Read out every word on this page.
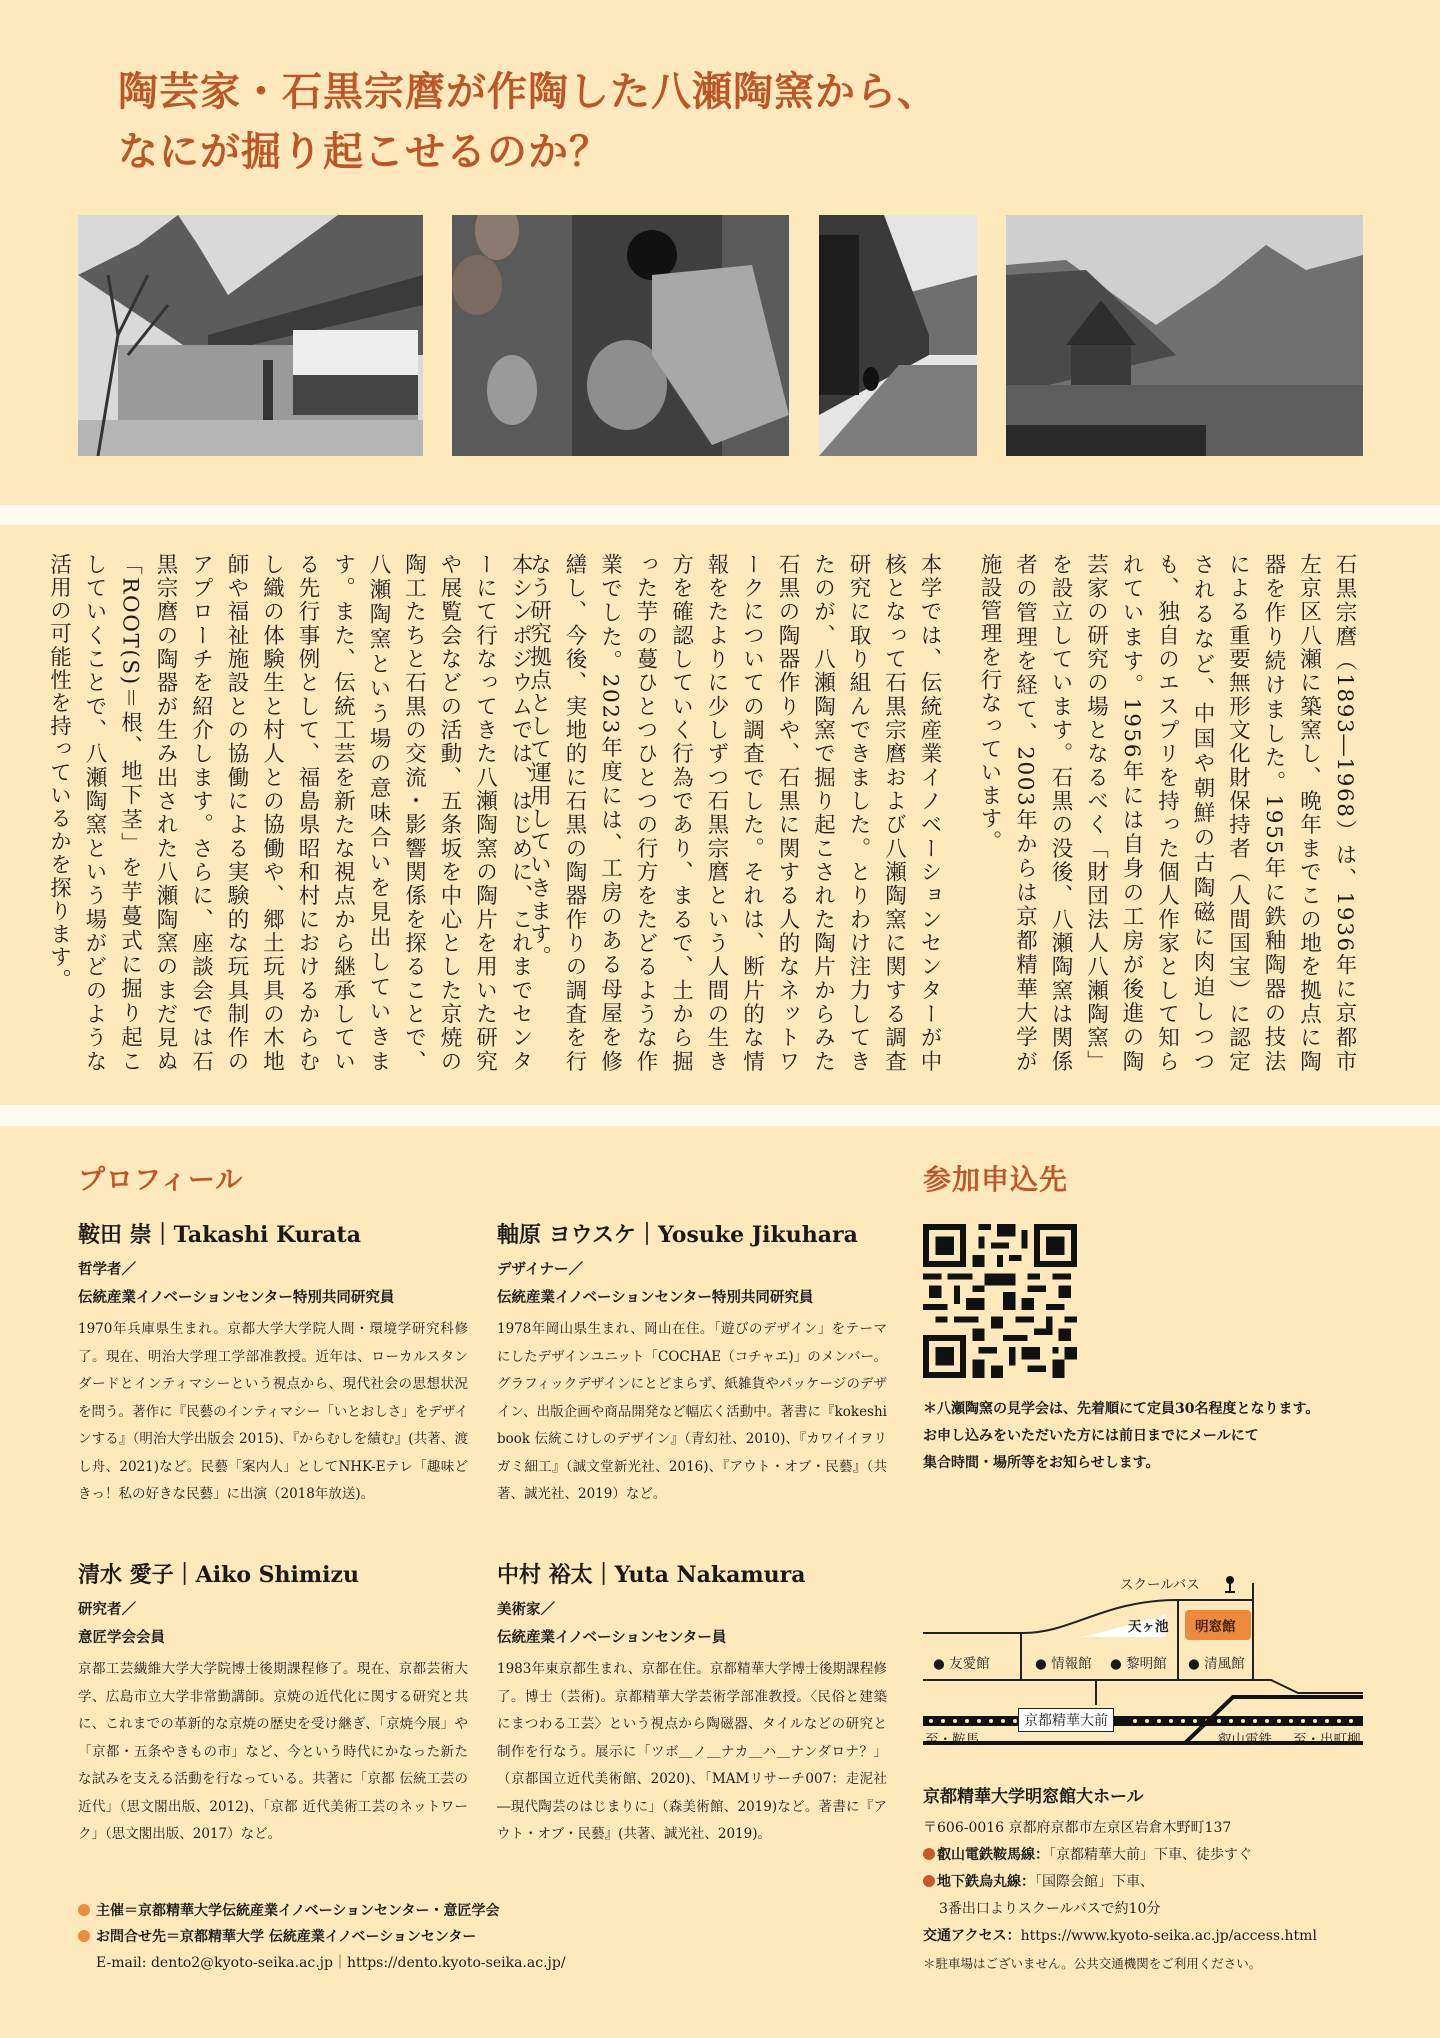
陶芸家・石黒宗麿が作陶した八瀬陶窯から、
なにが掘り起こせるのか？
石黒宗麿（1893―1968）は、1936年に京都市左京区八瀬に築窯し、晩年までこの地を拠点に陶器を作り続けました。1955年に鉄釉陶器の技法による重要無形文化財保持者（人間国宝）に認定されるなど、中国や朝鮮の古陶磁に肉迫しつつも、独自のエスプリを持った個人作家として知られています。1956年には自身の工房が後進の陶芸家の研究の場となるべく「財団法人八瀬陶窯」を設立しています。石黒の没後、八瀬陶窯は関係者の管理を経て、2003年からは京都精華大学が施設管理を行なっています。
本学では、伝統産業イノベーションセンターが中核となって石黒宗麿および八瀬陶窯に関する調査研究に取り組んできました。とりわけ注力してきたのが、八瀬陶窯で掘り起こされた陶片からみた石黒の陶器作りや、石黒に関する人的なネットワークについての調査でした。それは、断片的な情報をたよりに少しずつ石黒宗麿という人間の生き方を確認していく行為であり、まるで、土から掘った芋の蔓ひとつひとつの行方をたどるような作業でした。2023年度には、工房のある母屋を修繕し、今後、実地的に石黒の陶器作りの調査を行なう研究拠点として運用していきます。
本シンポジウムでは、はじめに、これまでセンターにて行なってきた八瀬陶窯の陶片を用いた研究や展覧会などの活動、五条坂を中心とした京焼の陶工たちと石黒の交流・影響関係を探ることで、八瀬陶窯という場の意味合いを見出していきます。また、伝統工芸を新たな視点から継承している先行事例として、福島県昭和村におけるからむし織の体験生と村人との協働や、郷土玩具の木地師や福祉施設との協働による実験的な玩具制作のアプローチを紹介します。さらに、座談会では石黒宗麿の陶器が生み出された八瀬陶窯のまだ見ぬ「ROOT(S)＝根、地下茎」を芋蔓式に掘り起こしていくことで、八瀬陶窯という場がどのような活用の可能性を持っているかを探ります。
プロフィール
鞍田 崇｜Takashi Kurata
哲学者／
伝統産業イノベーションセンター特別共同研究員
1970年兵庫県生まれ。京都大学大学院人間・環境学研究科修了。現在、明治大学理工学部准教授。近年は、ローカルスタンダードとインティマシーという視点から、現代社会の思想状況を問う。著作に『民藝のインティマシー「いとおしさ」をデザインする』（明治大学出版会 2015)、『からむしを績む』(共著、渡し舟、2021)など。民藝「案内人」としてNHK-Eテレ「趣味どきっ！私の好きな民藝」に出演（2018年放送)。
軸原 ヨウスケ｜Yosuke Jikuhara
デザイナー／
伝統産業イノベーションセンター特別共同研究員
1978年岡山県生まれ、岡山在住。「遊びのデザイン」をテーマにしたデザインユニット「COCHAE（コチャエ)」のメンバー。グラフィックデザインにとどまらず、紙雑貨やパッケージのデザイン、出版企画や商品開発など幅広く活動中。著書に『kokeshi book 伝統こけしのデザイン』（青幻社、2010)、『カワイイヲリガミ細工』（誠文堂新光社、2016)、『アウト・オブ・民藝』（共著、誠光社、2019）など。
清水 愛子｜Aiko Shimizu
研究者／
意匠学会会員
京都工芸繊維大学大学院博士後期課程修了。現在、京都芸術大学、広島市立大学非常勤講師。京焼の近代化に関する研究と共に、これまでの革新的な京焼の歴史を受け継ぎ、「京焼今展」や「京都・五条やきもの市」など、今という時代にかなった新たな試みを支える活動を行なっている。共著に「京都 伝統工芸の近代」（思文閣出版、2012)、「京都 近代美術工芸のネットワーク」（思文閣出版、2017）など。
中村 裕太｜Yuta Nakamura
美術家／
伝統産業イノベーションセンター員
1983年東京都生まれ、京都在住。京都精華大学博士後期課程修了。博士（芸術)。京都精華大学芸術学部准教授。〈民俗と建築にまつわる工芸〉という視点から陶磁器、タイルなどの研究と制作を行なう。展示に「ツボ＿ノ＿ナカ＿ハ＿ナンダロナ？」（京都国立近代美術館、2020)、「MAMリサーチ007：走泥社―現代陶芸のはじまりに」（森美術館、2019)など。著書に『アウト・オブ・民藝』(共著、誠光社、2019)。
主催＝京都精華大学伝統産業イノベーションセンター・意匠学会
お問合せ先＝京都精華大学 伝統産業イノベーションセンター
E-mail: dento2@kyoto-seika.ac.jp｜https://dento.kyoto-seika.ac.jp/
参加申込先
＊八瀬陶窯の見学会は、先着順にて定員30名程度となります。
お申し込みをいただいた方には前日までにメールにて
集合時間・場所等をお知らせします。
スクールバス
天ヶ池 明窓館
● 友愛館	● 情報館 ● 黎明館 ● 清風館
京都精華大前
至・鞍馬	叡山電鉄 至・出町柳
京都精華大学明窓館大ホール
〒606-0016 京都府京都市左京区岩倉木野町137
叡山電鉄鞍馬線：「京都精華大前」下車、徒歩すぐ
地下鉄烏丸線：「国際会館」下車、
3番出口よりスクールバスで約10分
交通アクセス：https://www.kyoto-seika.ac.jp/access.html
＊駐車場はございません。公共交通機関をご利用ください。
